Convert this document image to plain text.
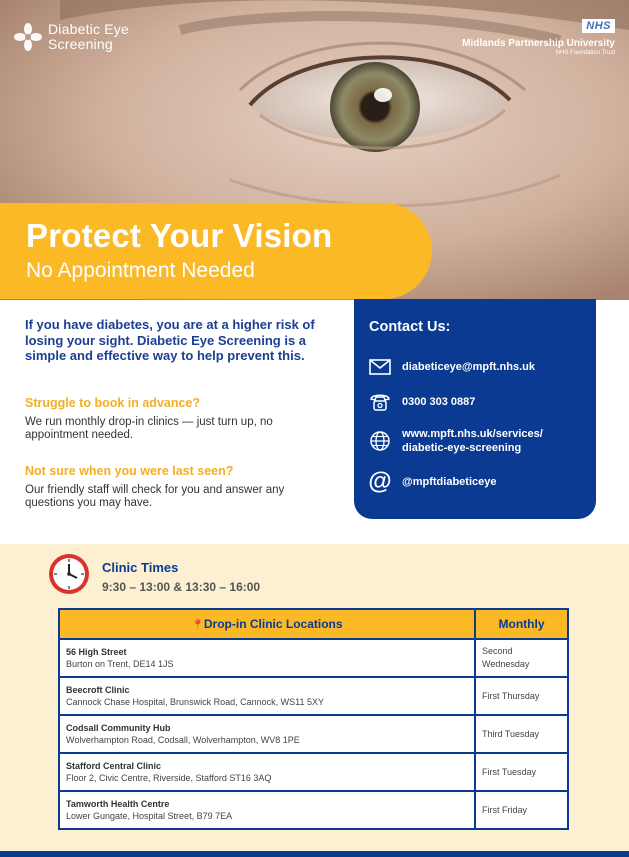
Diabetic Eye
Screening
NHS
Midlands Partnership University
NHS Foundation Trust
Protect Your Vision
No Appointment Needed
If you have diabetes, you are at a higher risk of losing your sight. Diabetic Eye Screening is a simple and effective way to help prevent this.
Struggle to book in advance?
We run monthly drop-in clinics — just turn up, no appointment needed.
Not sure when you were last seen?
Our friendly staff will check for you and answer any questions you may have.
Contact Us:
diabeticeye@mpft.nhs.uk
0300 303 0887
www.mpft.nhs.uk/services/
diabetic-eye-screening
@ @mpftdiabeticeye
Clinic Times
9:30 – 13:00 & 13:30 – 16:00
📍Drop-in Clinic Locations	Monthly

56 High Street
Burton on Trent, DE14 1JS	Second Wednesday

Beecroft Clinic
Cannock Chase Hospital, Brunswick Road, Cannock, WS11 5XY	First Thursday

Codsall Community Hub
Wolverhampton Road, Codsall, Wolverhampton, WV8 1PE	Third Tuesday

Stafford Central Clinic
Floor 2, Civic Centre, Riverside, Stafford ST16 3AQ	First Tuesday

Tamworth Health Centre
Lower Gungate, Hospital Street, B79 7EA	First Friday
